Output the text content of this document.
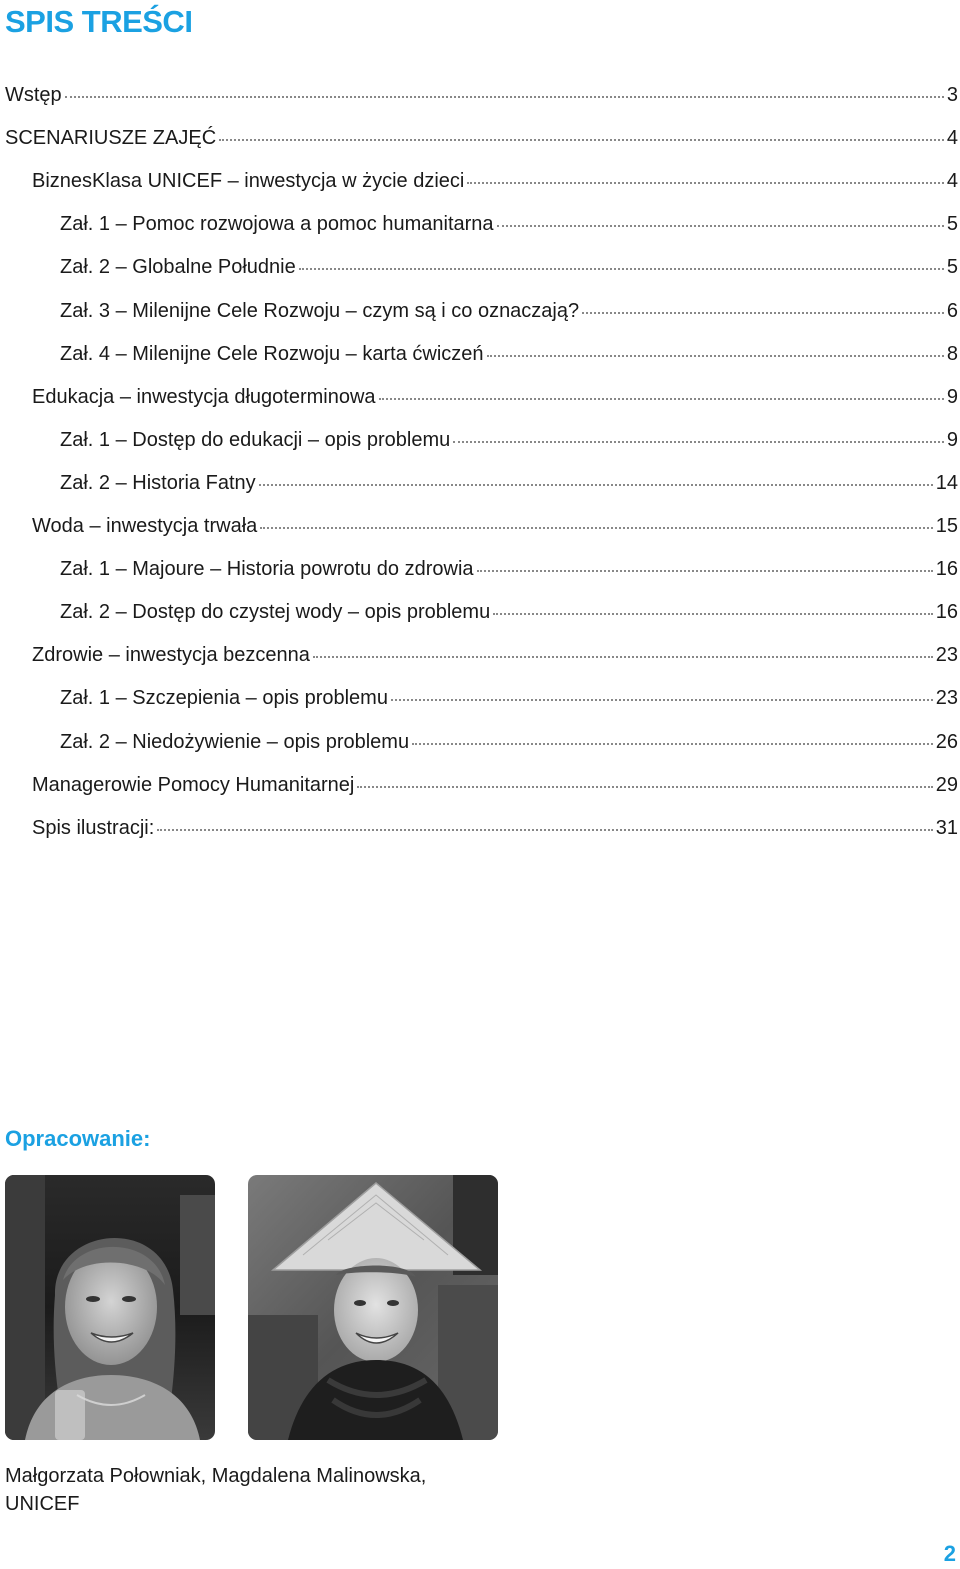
SPIS TREŚCI
Wstęp	3
SCENARIUSZE ZAJĘĆ	4
BiznesKlasa UNICEF – inwestycja w życie dzieci	4
Zał. 1 – Pomoc rozwojowa a pomoc humanitarna	5
Zał. 2 – Globalne Południe	5
Zał. 3 – Milenijne Cele Rozwoju – czym są i co oznaczają?	6
Zał. 4 – Milenijne Cele Rozwoju – karta ćwiczeń	8
Edukacja – inwestycja długoterminowa	9
Zał. 1 – Dostęp do edukacji – opis problemu	9
Zał. 2 – Historia Fatny	14
Woda – inwestycja trwała	15
Zał. 1 – Majoure – Historia powrotu do zdrowia	16
Zał. 2 – Dostęp do czystej wody – opis problemu	16
Zdrowie – inwestycja bezcenna	23
Zał. 1 – Szczepienia – opis problemu	23
Zał. 2 – Niedożywienie – opis problemu	26
Managerowie Pomocy Humanitarnej	29
Spis ilustracji:	31
Opracowanie:

Małgorzata Połowniak, Magdalena Malinowska,
UNICEF

2
